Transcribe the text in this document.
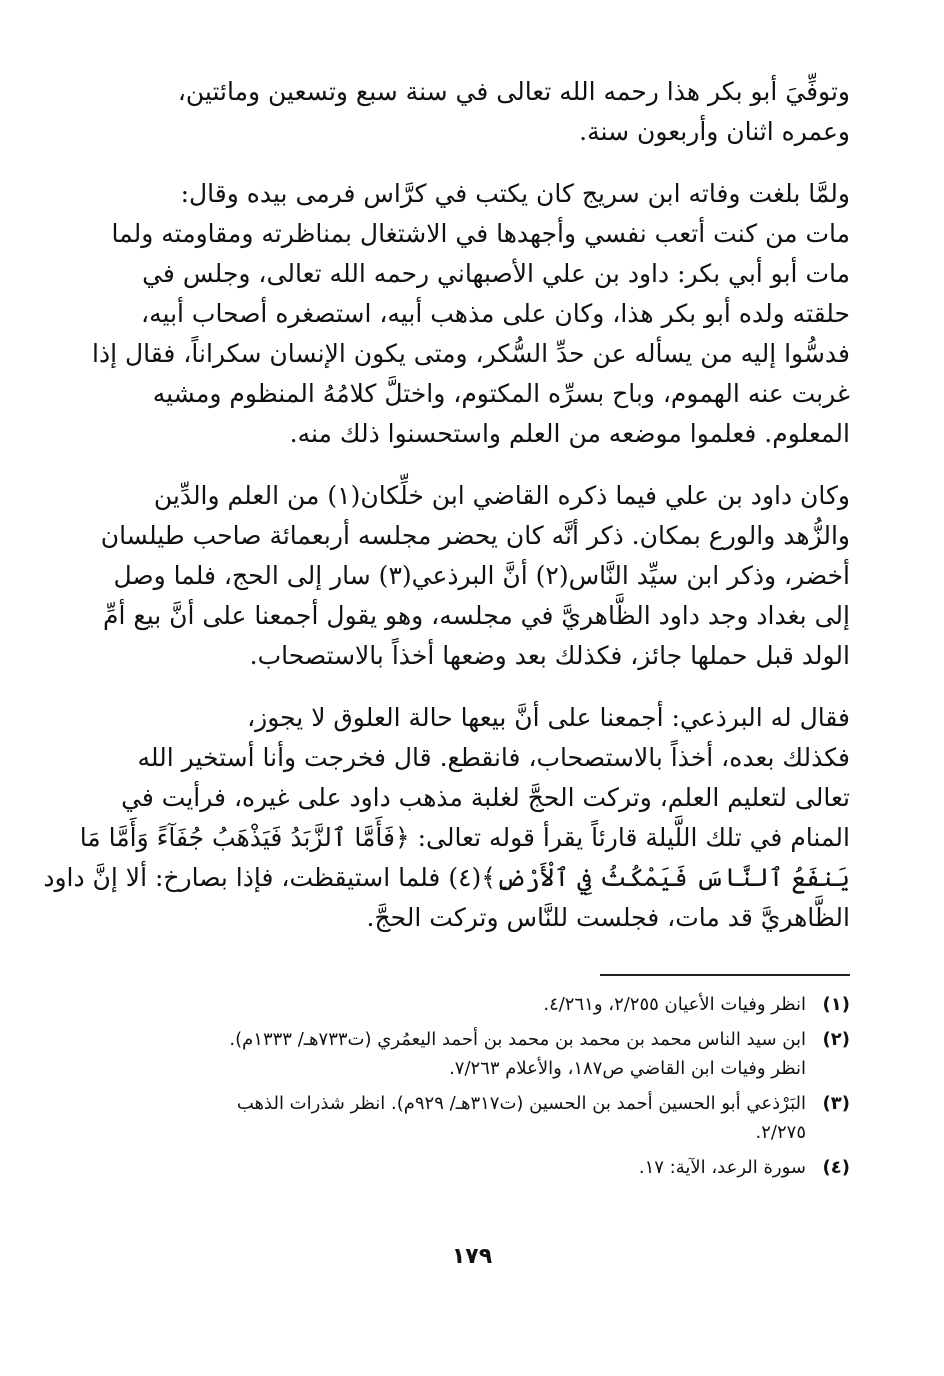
وتوفِّيَ أبو بكر هذا رحمه الله تعالى في سنة سبع وتسعين ومائتين،
وعمره اثنان وأربعون سنة.

ولمَّا بلغت وفاته ابن سريج كان يكتب في كرَّاس فرمى بيده وقال:
مات من كنت أتعب نفسي وأجهدها في الاشتغال بمناظرته ومقاومته ولما
مات أبو أبي بكر: داود بن علي الأصبهاني رحمه الله تعالى، وجلس في
حلقته ولده أبو بكر هذا، وكان على مذهب أبيه، استصغره أصحاب أبيه،
فدسُّوا إليه من يسأله عن حدِّ السُّكر، ومتى يكون الإنسان سكراناً، فقال إذا
غربت عنه الهموم، وباح بسرِّه المكتوم، واختلَّ كلامُهُ المنظوم ومشيه
المعلوم. فعلموا موضعه من العلم واستحسنوا ذلك منه.

وكان داود بن علي فيما ذكره القاضي ابن خلِّكان(١) من العلم والدِّين
والزُّهد والورع بمكان. ذكر أنَّه كان يحضر مجلسه أربعمائة صاحب طيلسان
أخضر، وذكر ابن سيِّد النَّاس(٢) أنَّ البرذعي(٣) سار إلى الحج، فلما وصل
إلى بغداد وجد داود الظَّاهريَّ في مجلسه، وهو يقول أجمعنا على أنَّ بيع أمِّ
الولد قبل حملها جائز، فكذلك بعد وضعها أخذاً بالاستصحاب.

فقال له البرذعي: أجمعنا على أنَّ بيعها حالة العلوق لا يجوز،
فكذلك بعده، أخذاً بالاستصحاب، فانقطع. قال فخرجت وأنا أستخير الله
تعالى لتعليم العلم، وتركت الحجَّ لغلبة مذهب داود على غيره، فرأيت في
المنام في تلك اللَّيلة قارئاً يقرأ قوله تعالى: ﴿فَأَمَّا ٱلزَّبَدُ فَيَذْهَبُ جُفَآءً وَأَمَّا مَا
يَنفَعُ ٱلنَّاسَ فَيَمْكُثُ فِي ٱلْأَرْضِ﴾(٤) فلما استيقظت، فإذا بصارخ: ألا إنَّ داود
الظَّاهريَّ قد مات، فجلست للنَّاس وتركت الحجَّ.

(١)
انظر وفيات الأعيان ٢/٢٥٥، و٤/٢٦١.
(٢)
ابن سيد الناس محمد بن محمد بن محمد بن أحمد اليعمُري (ت٧٣٣هـ/ ١٣٣٣م).
انظر وفيات ابن القاضي ص١٨٧، والأعلام ٧/٢٦٣.
(٣)
البَرْذعي أبو الحسين أحمد بن الحسين (ت٣١٧هـ/ ٩٢٩م). انظر شذرات الذهب
٢/٢٧٥.
(٤)
سورة الرعد، الآية: ١٧.
١٧٩
